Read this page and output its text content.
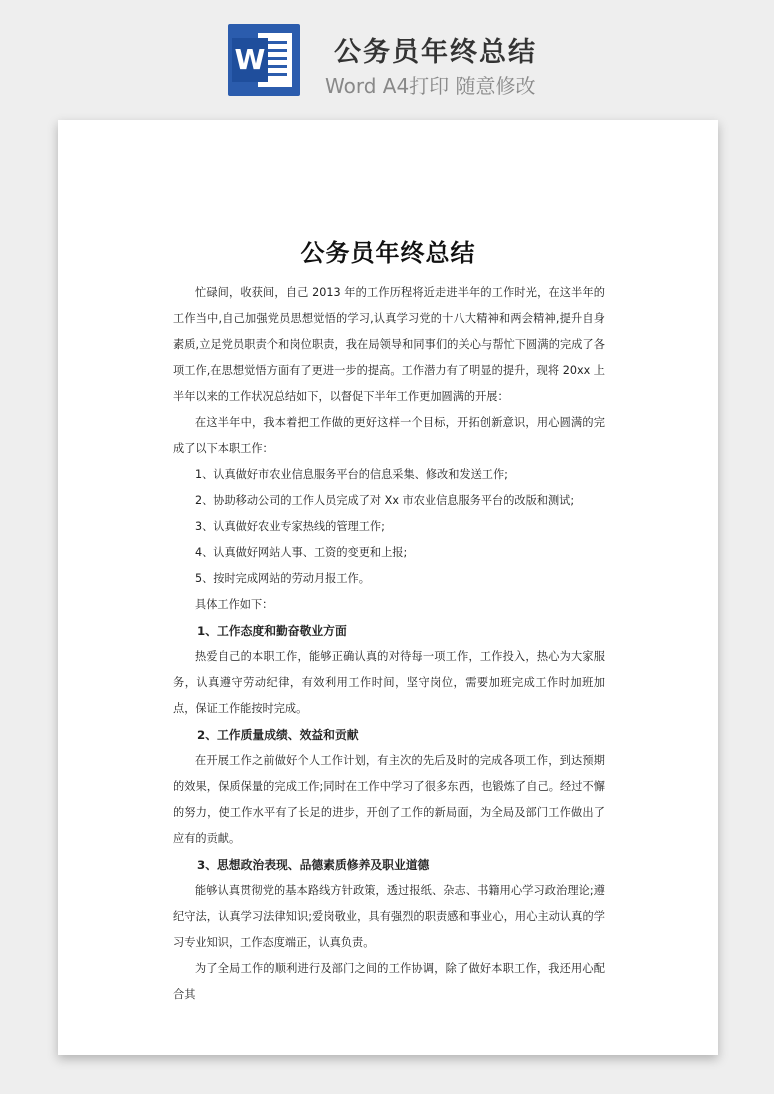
W	公务员年终总结
Word A4打印 随意修改
公务员年终总结

忙碌间，收获间，自己 2013 年的工作历程将近走进半年的工作时光，在这半年的工作当中,自己加强党员思想觉悟的学习,认真学习党的十八大精神和两会精神,提升自身素质,立足党员职责个和岗位职责，我在局领导和同事们的关心与帮忙下圆满的完成了各项工作,在思想觉悟方面有了更进一步的提高。工作潜力有了明显的提升，现将 20xx 上半年以来的工作状况总结如下，以督促下半年工作更加圆满的开展：

在这半年中，我本着把工作做的更好这样一个目标，开拓创新意识，用心圆满的完成了以下本职工作：

1、认真做好市农业信息服务平台的信息采集、修改和发送工作;

2、协助移动公司的工作人员完成了对 Xx 市农业信息服务平台的改版和测试;

3、认真做好农业专家热线的管理工作;

4、认真做好网站人事、工资的变更和上报;

5、按时完成网站的劳动月报工作。

具体工作如下：

1、工作态度和勤奋敬业方面

热爱自己的本职工作，能够正确认真的对待每一项工作，工作投入，热心为大家服务，认真遵守劳动纪律，有效利用工作时间，坚守岗位，需要加班完成工作时加班加点，保证工作能按时完成。

2、工作质量成绩、效益和贡献

在开展工作之前做好个人工作计划，有主次的先后及时的完成各项工作，到达预期的效果，保质保量的完成工作;同时在工作中学习了很多东西，也锻炼了自己。经过不懈的努力，使工作水平有了长足的进步，开创了工作的新局面，为全局及部门工作做出了应有的贡献。

3、思想政治表现、品德素质修养及职业道德

能够认真贯彻党的基本路线方针政策，透过报纸、杂志、书籍用心学习政治理论;遵纪守法，认真学习法律知识;爱岗敬业，具有强烈的职责感和事业心，用心主动认真的学习专业知识，工作态度端正，认真负责。

为了全局工作的顺利进行及部门之间的工作协调，除了做好本职工作，我还用心配合其
